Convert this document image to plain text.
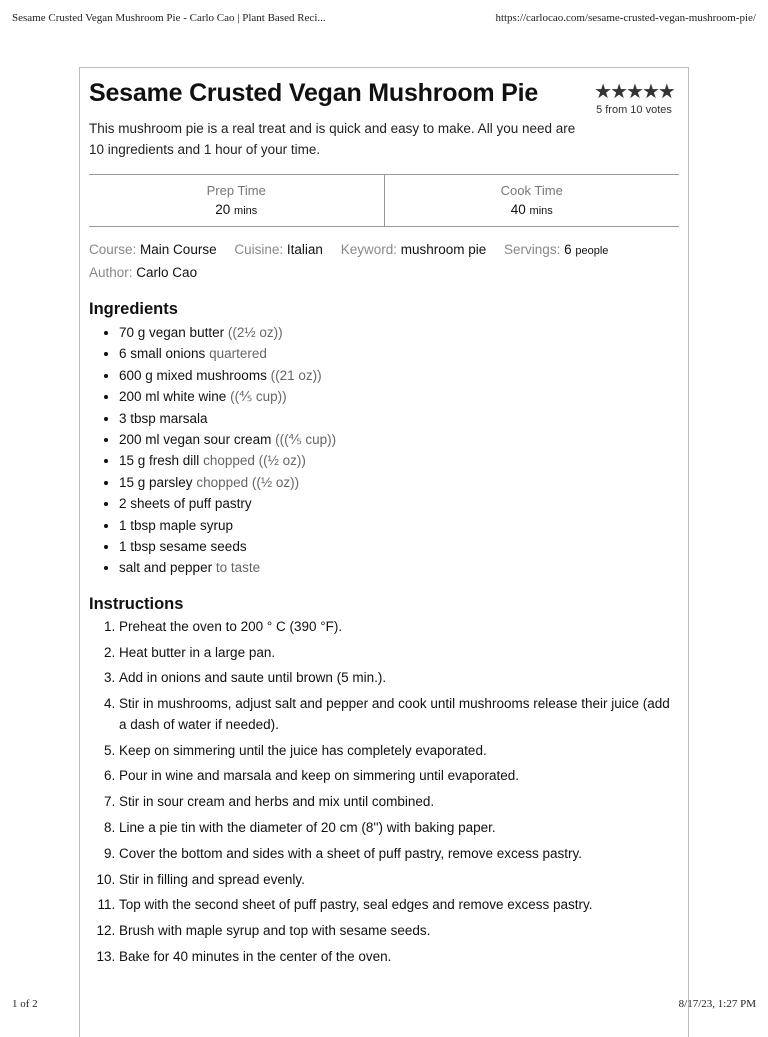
Sesame Crusted Vegan Mushroom Pie - Carlo Cao | Plant Based Reci...	https://carlocao.com/sesame-crusted-vegan-mushroom-pie/
Sesame Crusted Vegan Mushroom Pie	★★★★★
5 from 10 votes

This mushroom pie is a real treat and is quick and easy to make. All you need are 10 ingredients and 1 hour of your time.

Prep Time
20 mins
Cook Time
40 mins
Course: Main Course Cuisine: Italian Keyword: mushroom pie Servings: 6 people
Author: Carlo Cao
Ingredients
• 70 g vegan butter ((2½ oz))
• 6 small onions quartered
• 600 g mixed mushrooms ((21 oz))
• 200 ml white wine ((⅘ cup))
• 3 tbsp marsala
• 200 ml vegan sour cream (((⅘ cup))
• 15 g fresh dill chopped ((½ oz))
• 15 g parsley chopped ((½ oz))
• 2 sheets of puff pastry
• 1 tbsp maple syrup
• 1 tbsp sesame seeds
• salt and pepper to taste
Instructions
1. Preheat the oven to 200 ° C (390 °F).
2. Heat butter in a large pan.
3. Add in onions and saute until brown (5 min.).
4. Stir in mushrooms, adjust salt and pepper and cook until mushrooms release their juice (add a dash of water if needed).
5. Keep on simmering until the juice has completely evaporated.
6. Pour in wine and marsala and keep on simmering until evaporated.
7. Stir in sour cream and herbs and mix until combined.
8. Line a pie tin with the diameter of 20 cm (8'') with baking paper.
9. Cover the bottom and sides with a sheet of puff pastry, remove excess pastry.
10. Stir in filling and spread evenly.
11. Top with the second sheet of puff pastry, seal edges and remove excess pastry.
12. Brush with maple syrup and top with sesame seeds.
13. Bake for 40 minutes in the center of the oven.
1 of 2	8/17/23, 1:27 PM
